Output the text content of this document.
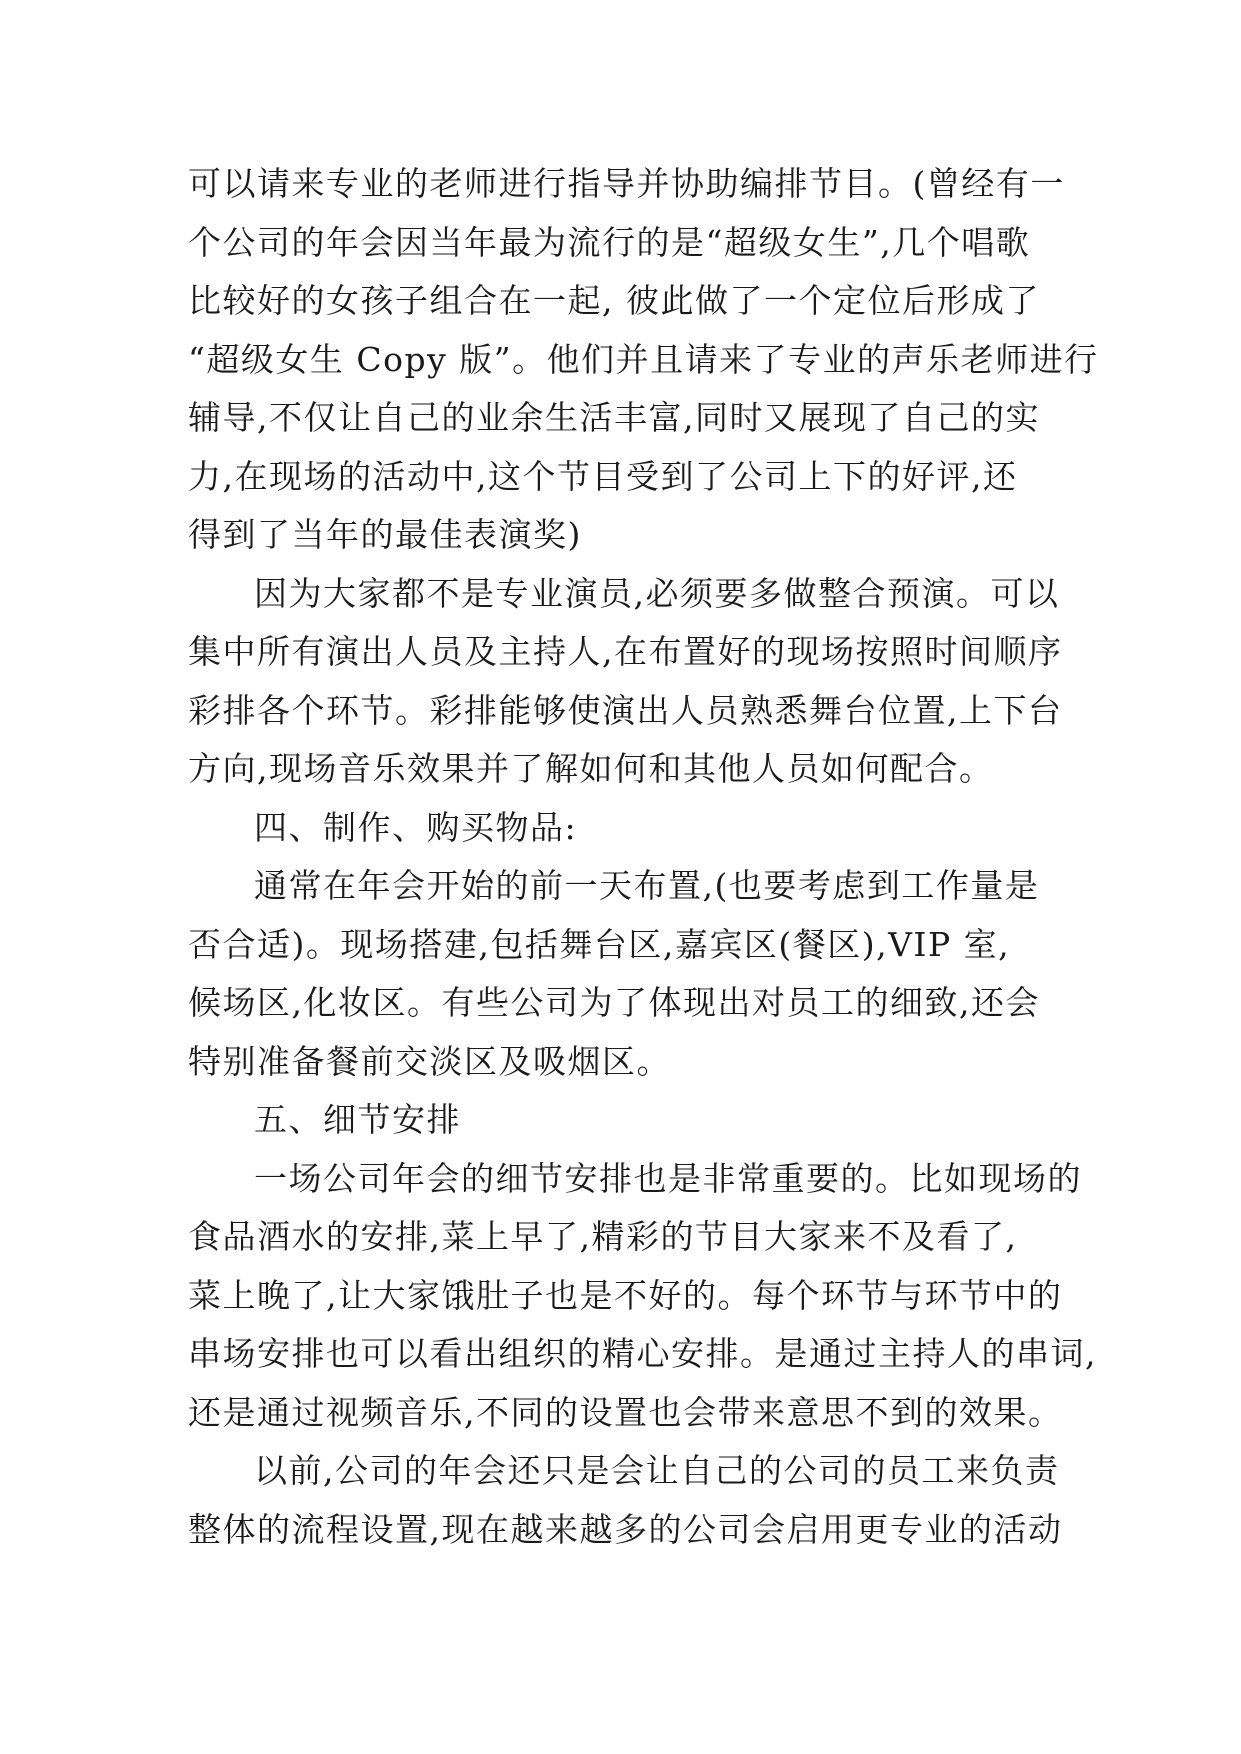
可以请来专业的老师进行指导并协助编排节目。(曾经有一
个公司的年会因当年最为流行的是“超级女生”,几个唱歌
比较好的女孩子组合在一起, 彼此做了一个定位后形成了
“超级女生 Copy 版”。他们并且请来了专业的声乐老师进行
辅导,不仅让自己的业余生活丰富,同时又展现了自己的实
力,在现场的活动中,这个节目受到了公司上下的好评,还
得到了当年的最佳表演奖)

因为大家都不是专业演员,必须要多做整合预演。可以
集中所有演出人员及主持人,在布置好的现场按照时间顺序
彩排各个环节。彩排能够使演出人员熟悉舞台位置,上下台
方向,现场音乐效果并了解如何和其他人员如何配合。

四、制作、购买物品:

通常在年会开始的前一天布置,(也要考虑到工作量是
否合适)。现场搭建,包括舞台区,嘉宾区(餐区),VIP 室,
候场区,化妆区。有些公司为了体现出对员工的细致,还会
特别准备餐前交淡区及吸烟区。

五、细节安排

一场公司年会的细节安排也是非常重要的。比如现场的
食品酒水的安排,菜上早了,精彩的节目大家来不及看了,
菜上晚了,让大家饿肚子也是不好的。每个环节与环节中的
串场安排也可以看出组织的精心安排。是通过主持人的串词,
还是通过视频音乐,不同的设置也会带来意思不到的效果。

以前,公司的年会还只是会让自己的公司的员工来负责
整体的流程设置,现在越来越多的公司会启用更专业的活动
